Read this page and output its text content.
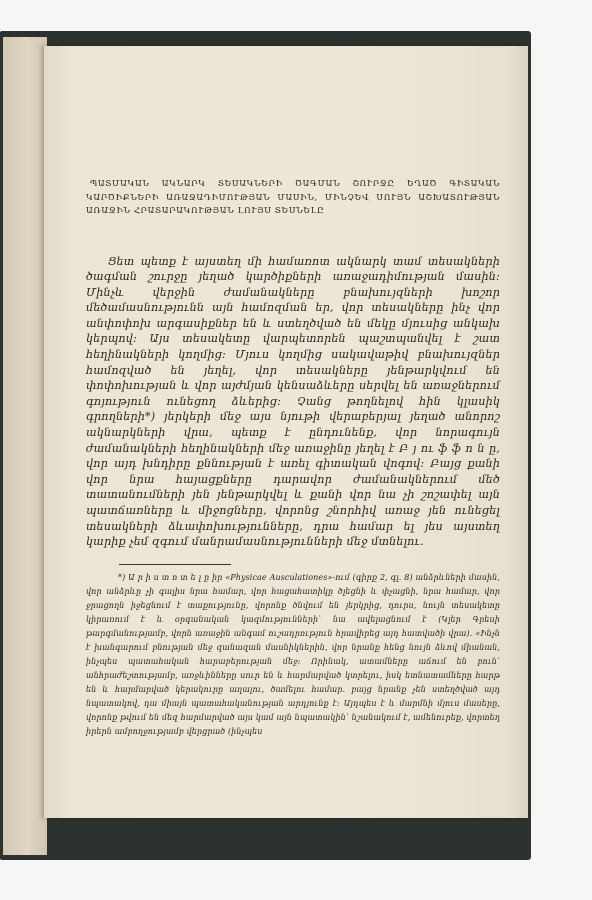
ՊԱՏՄԱԿԱՆ ԱԿՆԱՐԿ ՏԵՍԱԿՆԵՐԻ ԾԱԳՄԱՆ ՇՈՒՐՋԸ ԵՂԱԾ ԳԻՏԱԿԱՆ ԿԱՐԾԻՔՆԵՐԻ ԱՌԱՋԱԴԻՄՈՒԹՅԱՆ ՄԱՍԻՆ, ՄԻՆՉԵՎ ՍՈՒՅՆ ԱՇԽԱՏՈՒԹՅԱՆ ԱՌԱՋԻՆ ՀՐԱՏԱՐԱԿՈՒԹՅԱՆ ԼՈՒՅՍ ՏԵՍՆԵԼԸ

Ցետ պետք է այստեղ մի համառոտ ակնարկ տամ տեսակների ծագման շուրջը յեղած կարծիքների առաջադիմության մասին։ Մինչև վերջին ժամանակները բնախույզների խոշոր մեծամասնությունն այն համոզման եր, վոր տեսակները ինչ վոր անփոփոխ արգասիքներ են և ստեղծված են մեկը մյուսից անկախ կերպով։ Այս տեսակետը վարպետորեն պաշտպանվել է շատ հեղինակների կողմից։ Մյուս կողմից սակավաթիվ բնախույզներ համոզված են յեղել, վոր տեսակները յենթարկվում են փոփոխության և վոր այժմյան կենսաձևերը սերվել են առաջներում գոյություն ունեցող ձևերից։ Չանց թողնելով հին կլասիկ գրողների*) յերկերի մեջ այս նյութի վերաբերյալ յեղած անորոշ ակնարկների վրա, պետք է ընդունենք, վոր նորագույն ժամանակների հեղինակների մեջ առաջինը յեղել է Բ յ ու ֆ ֆ ո ն ը, վոր այդ խնդիրը քննության է առել գիտական վոգով։ Բայց քանի վոր նրա հայացքները դարավոր ժամանակներում մեծ տատանումների յեն յենթարկվել և քանի վոր նա չի շոշափել այն պատճառները և միջոցները, վորոնց շնորհիվ առաջ յեն ունեցել տեսակների ձևափոխությունները, դրա համար ել յես այստեղ կարիք չեմ զգում մանրամասնությունների մեջ մտնելու.

*) Ա ր ի ս տ ո տ ե լ ը իր «Physicae Ausculationes»-ում (գիրք 2, գլ. 8) անձրևների մասին, վոր անձրևը չի գալիս նրա համար, վոր հացահատիկը ծլեցնի և փչացնի, նրա համար, վոր ջրացողն իջեցնում է տաքությունը, վորոնք ծնվում են յերկրից, դուրս, նույն տեսակետը կիրառում է և օրգանական կազմությունների՝ նա ավելացնում է (Կլեր Գրեսի թարգմանությամբ, վորն առաջին անգամ ուշադրություն հրավիրեց այդ հատվածի վրա). «Ինչն է խանգարում բնության մեջ զանազան մասնիկներին, վոր նրանք հենց նույն ձևով միանան, ինչպես պատահական հարաբերության մեջ։ Որինակ, ատամները աճում են բուն՝ անհրաժեշտությամբ, առջևինները սուր են և հարմարված կտրելու, իսկ ետնատամները հարթ են և հարմարված կերակուրը աղալու, ծամելու համար. բայց նրանք չեն ստեղծված այդ նպատակով, դա միայն պատահականության արդյունք է։ Այդպես է և մարմնի մյուս մասերը, վորոնք թվում են մեզ հարմարված այս կամ այն նպատակին՝ նշանակում է, ամենուրեք, վորտեղ իրերն ամբողջությամբ վերցրած (ինչպես
